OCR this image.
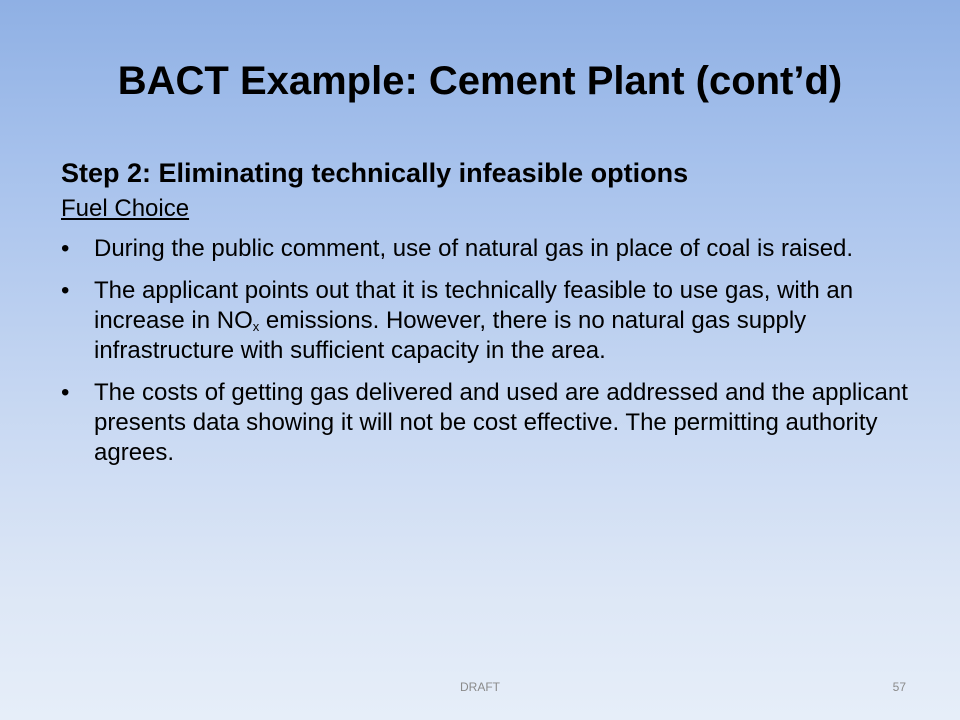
BACT Example: Cement Plant (cont’d)
Step 2: Eliminating technically infeasible options
Fuel Choice
• During the public comment, use of natural gas in place of coal is raised.
• The applicant points out that it is technically feasible to use gas, with an increase in $NO_x$ emissions. However, there is no natural gas supply infrastructure with sufficient capacity in the area.
• The costs of getting gas delivered and used are addressed and the applicant presents data showing it will not be cost effective. The permitting authority agrees.
DRAFT	57
